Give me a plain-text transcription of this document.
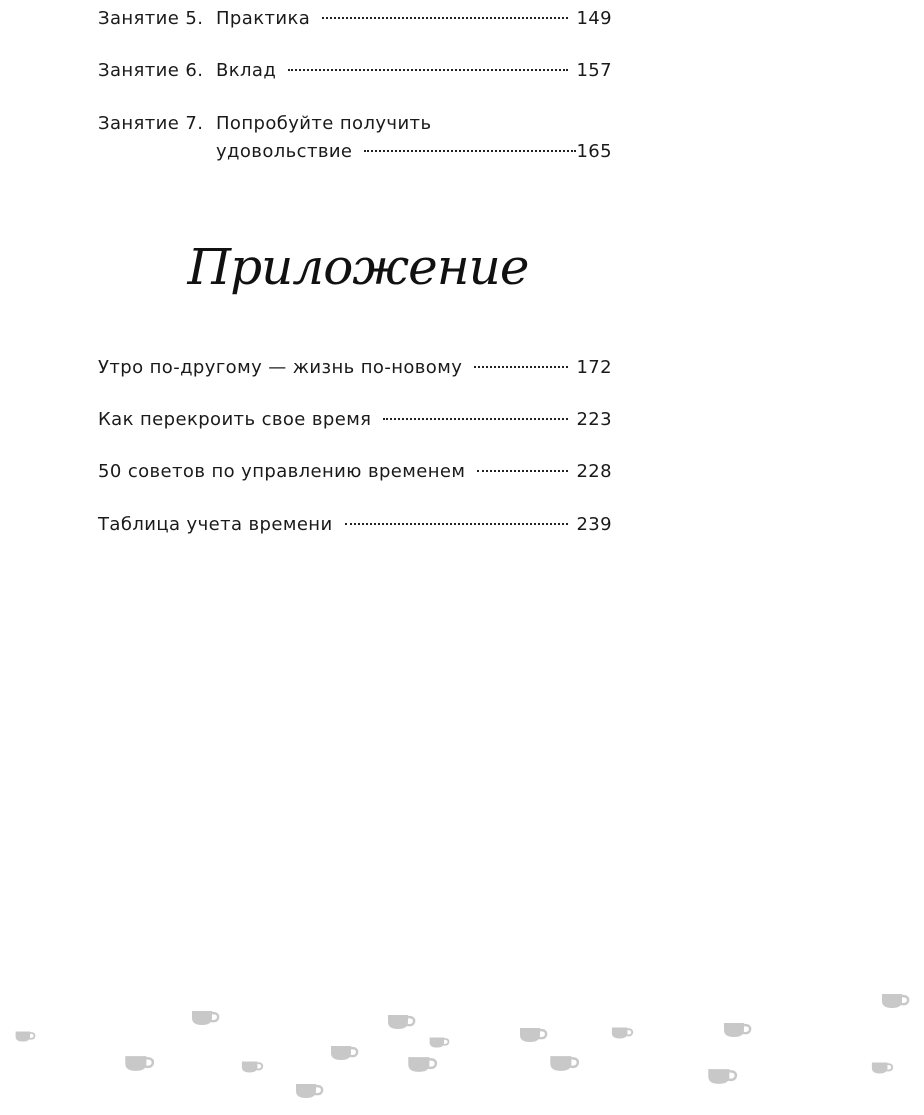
Занятие 5. Практика	149
Занятие 6. Вклад	157
Занятие 7. Попробуйте получить
удовольствие	165
Приложение
Утро по-другому — жизнь по-новому	172
Как перекроить свое время	223
50 советов по управлению временем	228
Таблица учета времени	239
